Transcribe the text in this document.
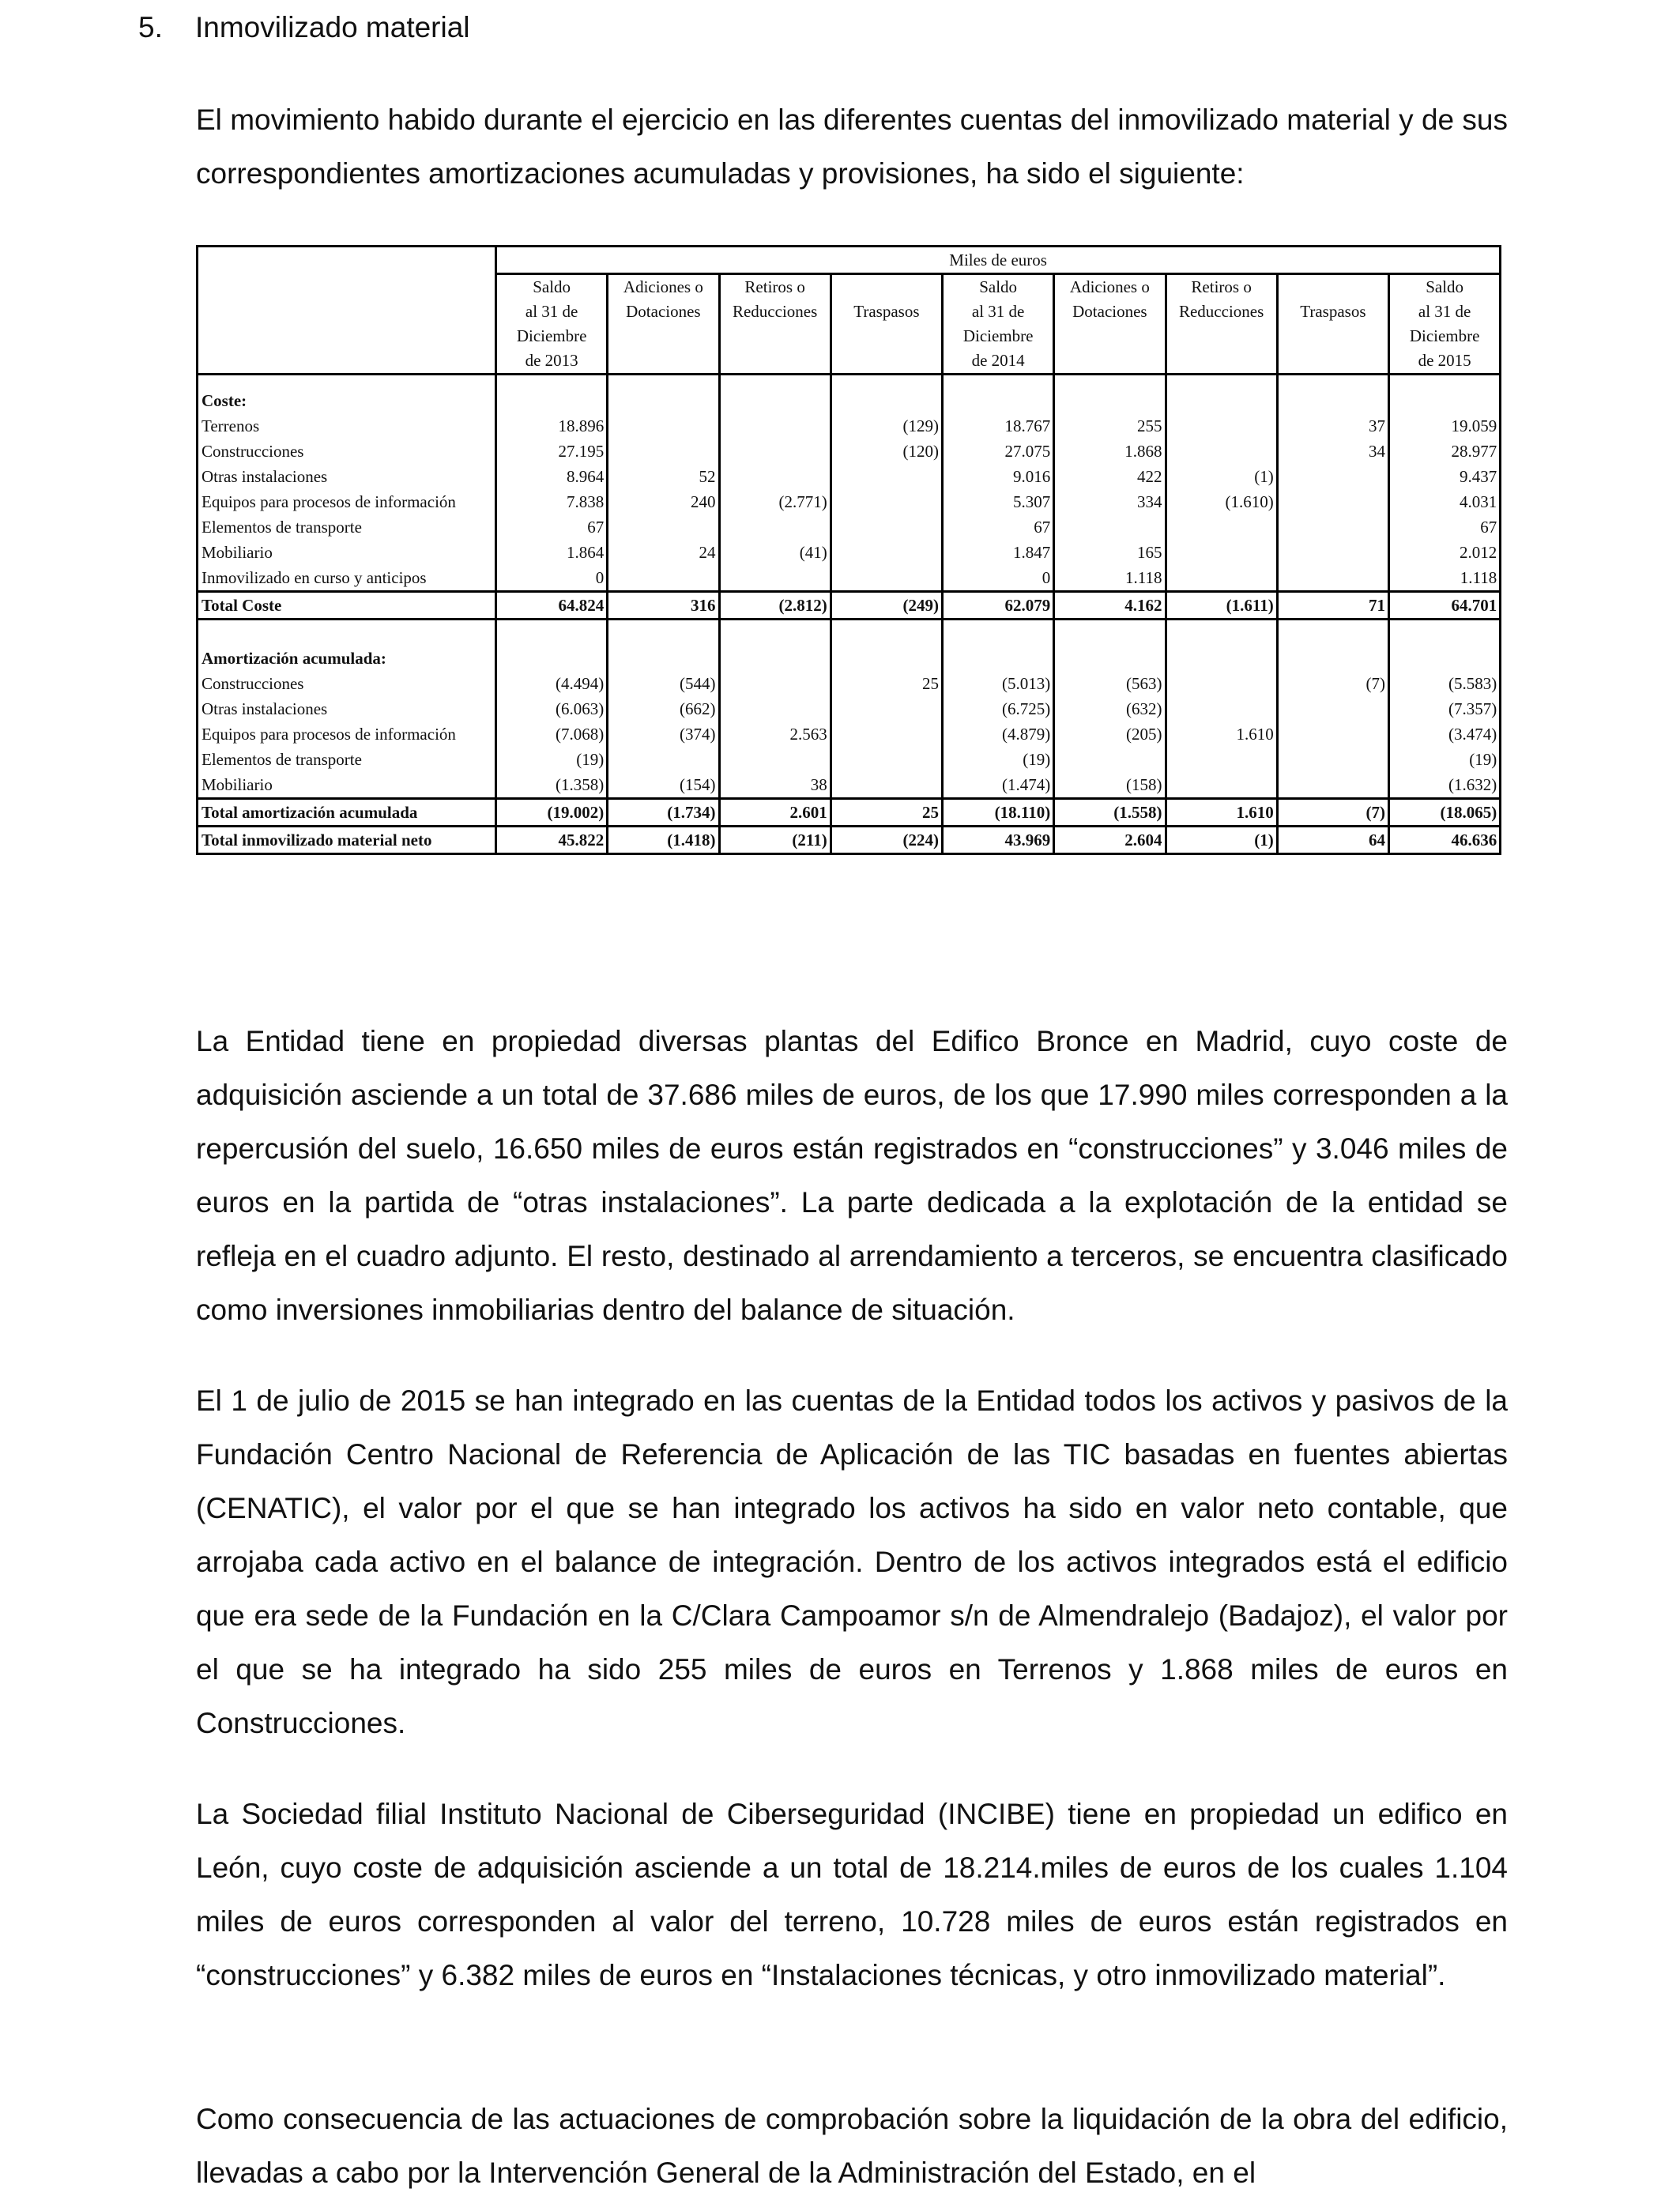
5. Inmovilizado material

El movimiento habido durante el ejercicio en las diferentes cuentas del inmovilizado material y de sus correspondientes amortizaciones acumuladas y provisiones, ha sido el siguiente:

	Miles de euros								
	Saldo	Adiciones o	Retiros o		Saldo	Adiciones o	Retiros o		Saldo
	al 31 de	Dotaciones	Reducciones	Traspasos	al 31 de	Dotaciones	Reducciones	Traspasos	al 31 de
	Diciembre				Diciembre				Diciembre
	de 2013				de 2014				de 2015

Coste:									
Terrenos	18.896			(129)	18.767	255		37	19.059
Construcciones	27.195			(120)	27.075	1.868		34	28.977
Otras instalaciones	8.964	52			9.016	422	(1)		9.437
Equipos para procesos de información	7.838	240	(2.771)		5.307	334	(1.610)		4.031
Elementos de transporte	67				67				67
Mobiliario	1.864	24	(41)		1.847	165			2.012
Inmovilizado en curso y anticipos	0				0	1.118			1.118
Total Coste	64.824	316	(2.812)	(249)	62.079	4.162	(1.611)	71	64.701

Amortización acumulada:									
Construcciones	(4.494)	(544)		25	(5.013)	(563)		(7)	(5.583)
Otras instalaciones	(6.063)	(662)			(6.725)	(632)			(7.357)
Equipos para procesos de información	(7.068)	(374)	2.563		(4.879)	(205)	1.610		(3.474)
Elementos de transporte	(19)				(19)				(19)
Mobiliario	(1.358)	(154)	38		(1.474)	(158)			(1.632)
Total amortización acumulada	(19.002)	(1.734)	2.601	25	(18.110)	(1.558)	1.610	(7)	(18.065)
Total inmovilizado material neto	45.822	(1.418)	(211)	(224)	43.969	2.604	(1)	64	46.636

La Entidad tiene en propiedad diversas plantas del Edifico Bronce en Madrid, cuyo coste de adquisición asciende a un total de 37.686 miles de euros, de los que 17.990 miles corresponden a la repercusión del suelo, 16.650 miles de euros están registrados en “construcciones” y 3.046 miles de euros en la partida de “otras instalaciones”. La parte dedicada a la explotación de la entidad se refleja en el cuadro adjunto. El resto, destinado al arrendamiento a terceros, se encuentra clasificado como inversiones inmobiliarias dentro del balance de situación.

El 1 de julio de 2015 se han integrado en las cuentas de la Entidad todos los activos y pasivos de la Fundación Centro Nacional de Referencia de Aplicación de las TIC basadas en fuentes abiertas (CENATIC), el valor por el que se han integrado los activos ha sido en valor neto contable, que arrojaba cada activo en el balance de integración. Dentro de los activos integrados está el edificio que era sede de la Fundación en la C/Clara Campoamor s/n de Almendralejo (Badajoz), el valor por el que se ha integrado ha sido 255 miles de euros en Terrenos y 1.868 miles de euros en Construcciones.

La Sociedad filial Instituto Nacional de Ciberseguridad (INCIBE) tiene en propiedad un edifico en León, cuyo coste de adquisición asciende a un total de 18.214.miles de euros de los cuales 1.104 miles de euros corresponden al valor del terreno, 10.728 miles de euros están registrados en “construcciones” y 6.382 miles de euros en “Instalaciones técnicas, y otro inmovilizado material”.

Como consecuencia de las actuaciones de comprobación sobre la liquidación de la obra del edificio, llevadas a cabo por la Intervención General de la Administración del Estado, en el
